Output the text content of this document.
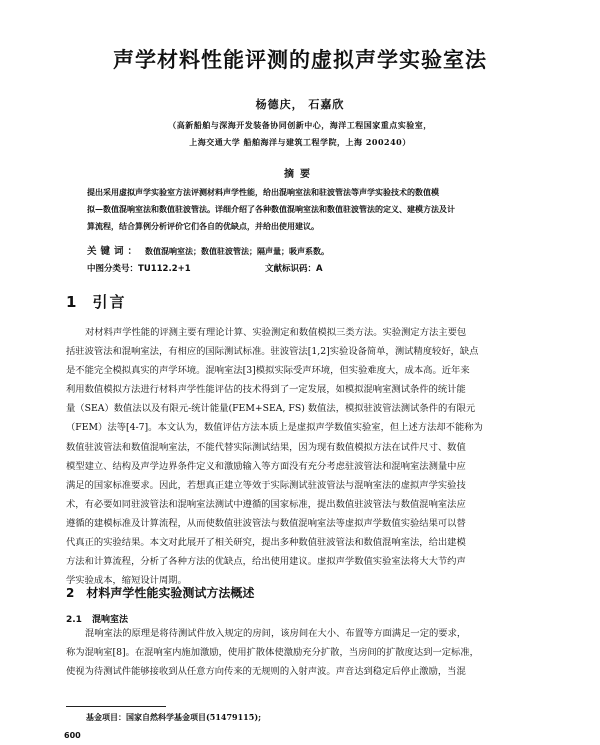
声学材料性能评测的虚拟声学实验室法
杨德庆， 石嘉欣
（高新船舶与深海开发装备协同创新中心，海洋工程国家重点实验室，
上海交通大学 船舶海洋与建筑工程学院，上海 200240）
摘要
提出采用虚拟声学实验室方法评测材料声学性能，给出混响室法和驻波管法等声学实验技术的数值模
拟—数值混响室法和数值驻波管法。详细介绍了各种数值混响室法和数值驻波管法的定义、建模方法及计
算流程，结合算例分析评价它们各自的优缺点，并给出使用建议。
关键词： 数值混响室法；数值驻波管法；隔声量；吸声系数。
中图分类号：TU112.2+1	文献标识码：A
1 引言
对材料声学性能的评测主要有理论计算、实验测定和数值模拟三类方法。实验测定方法主要包
括驻波管法和混响室法，有相应的国际测试标准。驻波管法[1,2]实验设备简单，测试精度较好，缺点
是不能完全模拟真实的声学环境。混响室法[3]模拟实际受声环境，但实验难度大，成本高。近年来
利用数值模拟方法进行材料声学性能评估的技术得到了一定发展，如模拟混响室测试条件的统计能
量（SEA）数值法以及有限元-统计能量(FEM+SEA, FS) 数值法，模拟驻波管法测试条件的有限元
（FEM）法等[4-7]。本文认为，数值评估方法本质上是虚拟声学数值实验室，但上述方法却不能称为
数值驻波管法和数值混响室法，不能代替实际测试结果，因为现有数值模拟方法在试件尺寸、数值
模型建立、结构及声学边界条件定义和激励输入等方面没有充分考虑驻波管法和混响室法测量中应
满足的国家标准要求。因此，若想真正建立等效于实际测试驻波管法与混响室法的虚拟声学实验技
术，有必要如同驻波管法和混响室法测试中遵循的国家标准，提出数值驻波管法与数值混响室法应
遵循的建模标准及计算流程，从而使数值驻波管法与数值混响室法等虚拟声学数值实验结果可以替
代真正的实验结果。本文对此展开了相关研究，提出多种数值驻波管法和数值混响室法，给出建模
方法和计算流程，分析了各种方法的优缺点，给出使用建议。虚拟声学数值实验室法将大大节约声
学实验成本，缩短设计周期。
2 材料声学性能实验测试方法概述
2.1 混响室法
混响室法的原理是将待测试件放入规定的房间，该房间在大小、布置等方面满足一定的要求，
称为混响室[8]。在混响室内施加激励，使用扩散体使激励充分扩散，当房间的扩散度达到一定标准，
使视为待测试件能够接收到从任意方向传来的无规则的入射声波。声音达到稳定后停止激励，当混
基金项目：国家自然科学基金项目(51479115);
600
